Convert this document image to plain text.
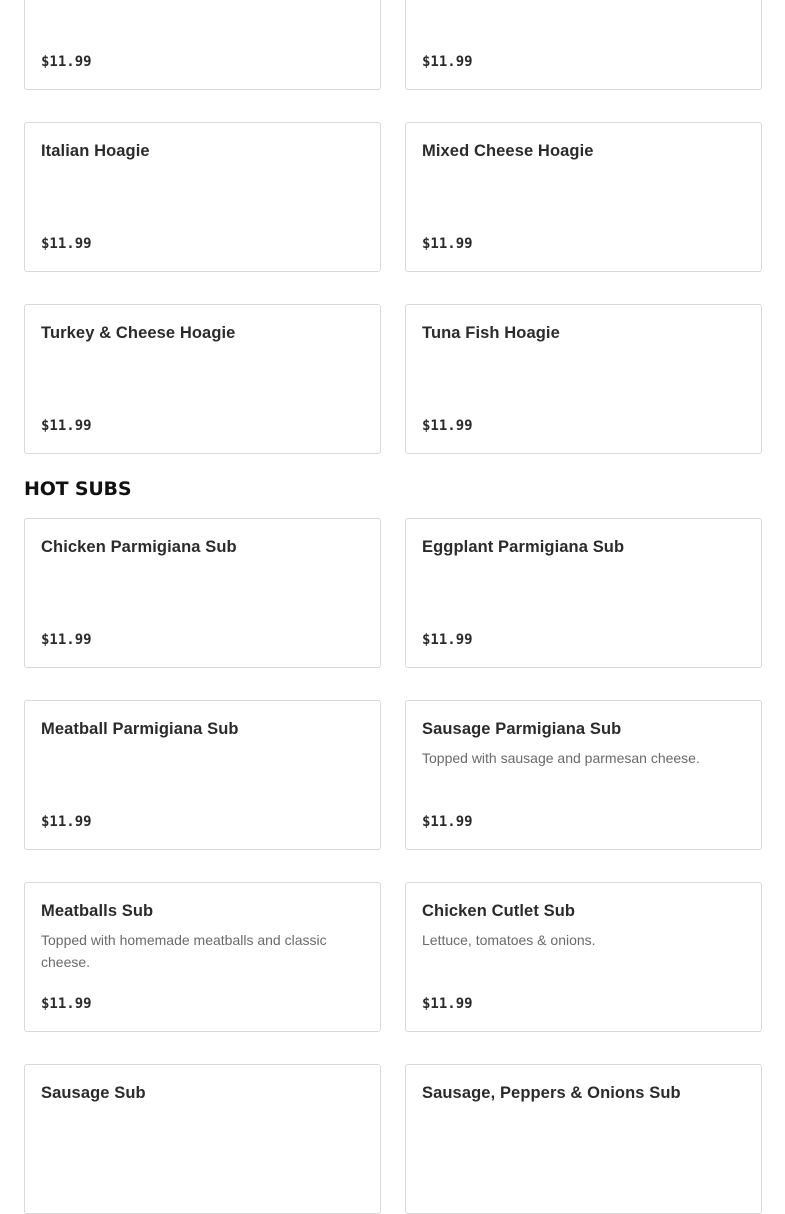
$11.99	$11.99
Italian Hoagie
$11.99
Mixed Cheese Hoagie
$11.99
Turkey & Cheese Hoagie
$11.99
Tuna Fish Hoagie
$11.99
HOT SUBS
Chicken Parmigiana Sub
$11.99
Eggplant Parmigiana Sub
$11.99
Meatball Parmigiana Sub
$11.99
Sausage Parmigiana Sub
Topped with sausage and parmesan cheese.
$11.99
Meatballs Sub
Topped with homemade meatballs and classic cheese.
$11.99
Chicken Cutlet Sub
Lettuce, tomatoes & onions.
$11.99
Sausage Sub	Sausage, Peppers & Onions Sub
